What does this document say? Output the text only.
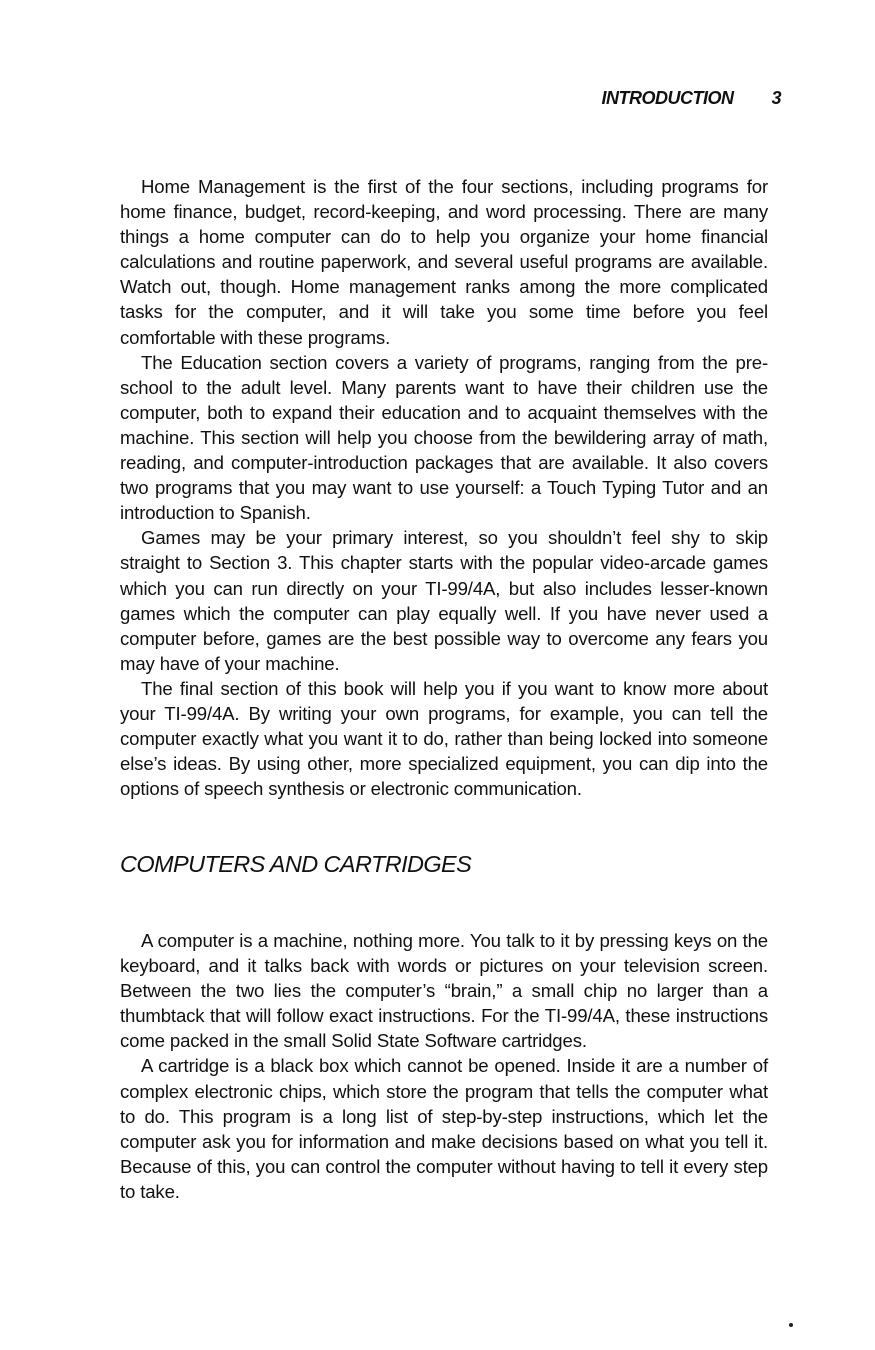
INTRODUCTION 3

Home Management is the first of the four sections, including programs for home finance, budget, record-keeping, and word processing. There are many things a home computer can do to help you organize your home financial calculations and routine paperwork, and several useful programs are available. Watch out, though. Home management ranks among the more complicated tasks for the computer, and it will take you some time before you feel comfortable with these programs.

The Education section covers a variety of programs, ranging from the pre-school to the adult level. Many parents want to have their children use the computer, both to expand their education and to acquaint themselves with the machine. This section will help you choose from the bewildering array of math, reading, and computer-introduction packages that are available. It also covers two programs that you may want to use yourself: a Touch Typing Tutor and an introduction to Spanish.

Games may be your primary interest, so you shouldn’t feel shy to skip straight to Section 3. This chapter starts with the popular video-arcade games which you can run directly on your TI-99/4A, but also includes lesser-known games which the computer can play equally well. If you have never used a computer before, games are the best possible way to overcome any fears you may have of your machine.

The final section of this book will help you if you want to know more about your TI-99/4A. By writing your own programs, for example, you can tell the computer exactly what you want it to do, rather than being locked into someone else’s ideas. By using other, more specialized equipment, you can dip into the options of speech synthesis or electronic communication.

COMPUTERS AND CARTRIDGES

A computer is a machine, nothing more. You talk to it by pressing keys on the keyboard, and it talks back with words or pictures on your television screen. Between the two lies the computer’s “brain,” a small chip no larger than a thumbtack that will follow exact instructions. For the TI-99/4A, these instructions come packed in the small Solid State Software cartridges.

A cartridge is a black box which cannot be opened. Inside it are a number of complex electronic chips, which store the program that tells the computer what to do. This program is a long list of step-by-step instructions, which let the computer ask you for information and make decisions based on what you tell it. Because of this, you can control the computer without having to tell it every step to take.
